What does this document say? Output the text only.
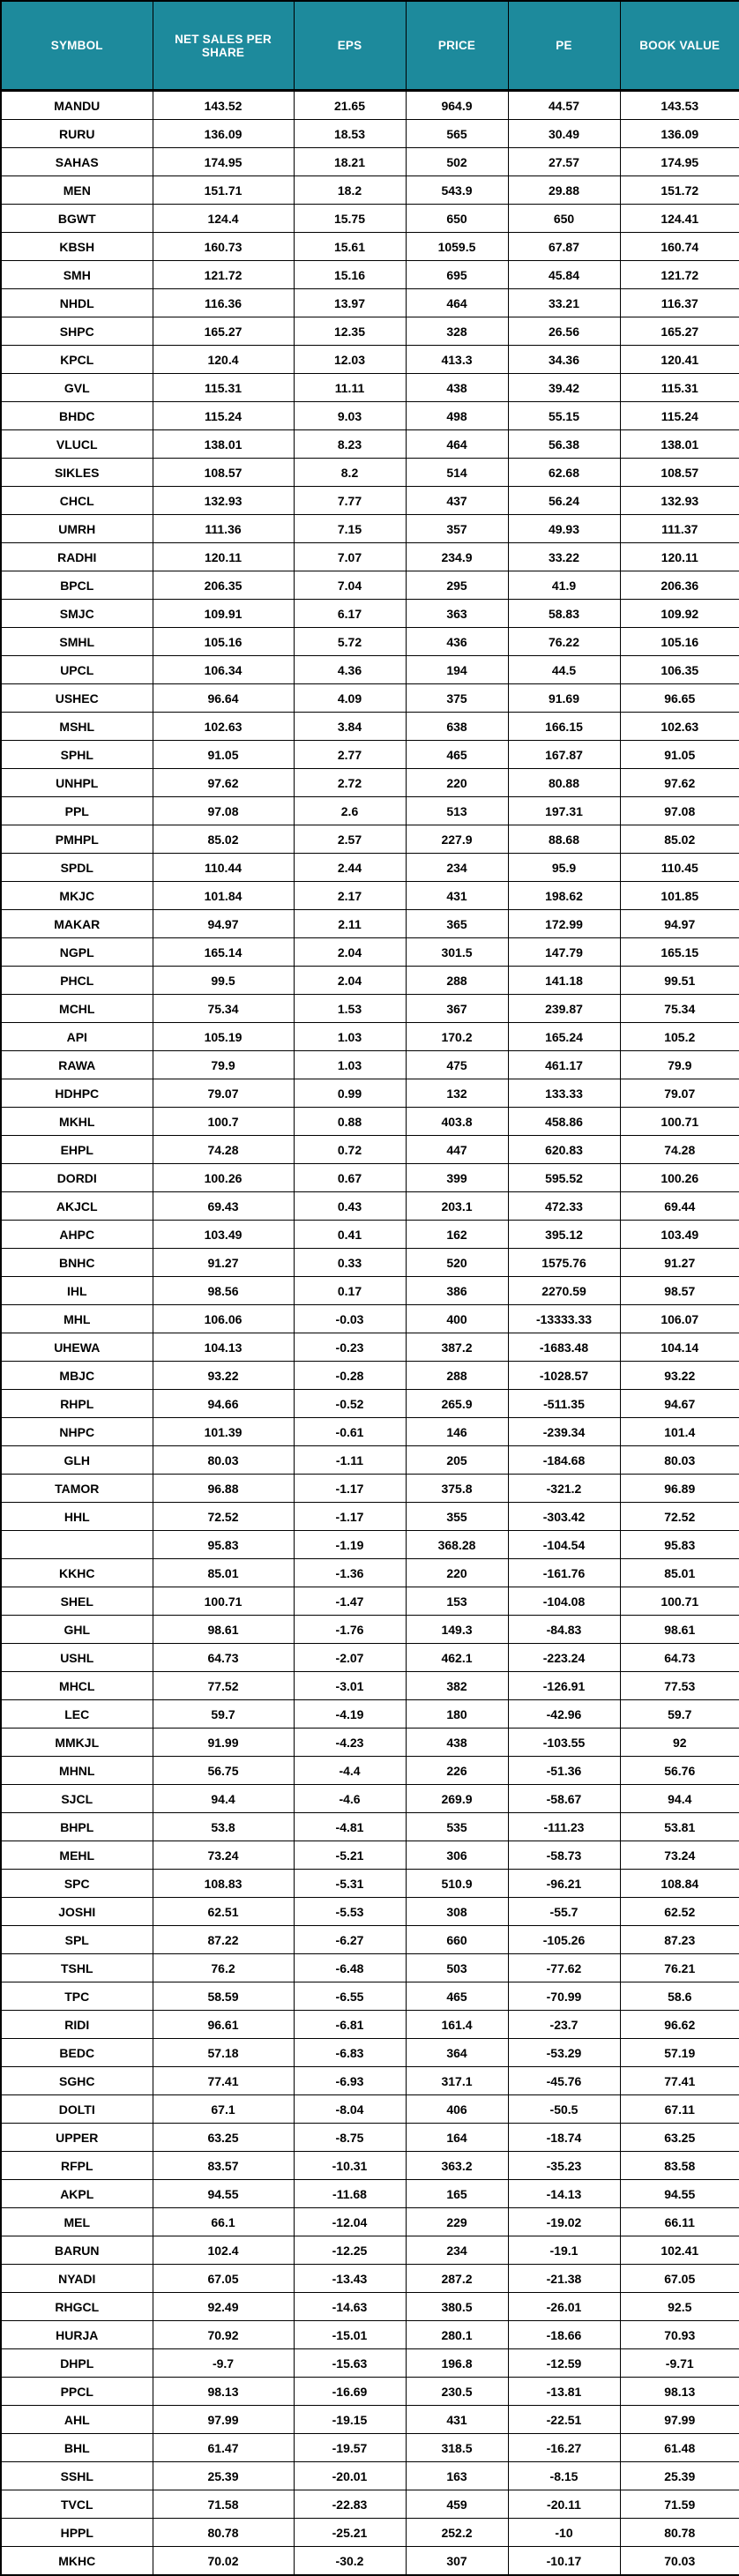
SYMBOL	NET SALES PER SHARE	EPS	PRICE	PE	BOOK VALUE
MANDU	143.52	21.65	964.9	44.57	143.53
RURU	136.09	18.53	565	30.49	136.09
SAHAS	174.95	18.21	502	27.57	174.95
MEN	151.71	18.2	543.9	29.88	151.72
BGWT	124.4	15.75	650	650	124.41
KBSH	160.73	15.61	1059.5	67.87	160.74
SMH	121.72	15.16	695	45.84	121.72
NHDL	116.36	13.97	464	33.21	116.37
SHPC	165.27	12.35	328	26.56	165.27
KPCL	120.4	12.03	413.3	34.36	120.41
GVL	115.31	11.11	438	39.42	115.31
BHDC	115.24	9.03	498	55.15	115.24
VLUCL	138.01	8.23	464	56.38	138.01
SIKLES	108.57	8.2	514	62.68	108.57
CHCL	132.93	7.77	437	56.24	132.93
UMRH	111.36	7.15	357	49.93	111.37
RADHI	120.11	7.07	234.9	33.22	120.11
BPCL	206.35	7.04	295	41.9	206.36
SMJC	109.91	6.17	363	58.83	109.92
SMHL	105.16	5.72	436	76.22	105.16
UPCL	106.34	4.36	194	44.5	106.35
USHEC	96.64	4.09	375	91.69	96.65
MSHL	102.63	3.84	638	166.15	102.63
SPHL	91.05	2.77	465	167.87	91.05
UNHPL	97.62	2.72	220	80.88	97.62
PPL	97.08	2.6	513	197.31	97.08
PMHPL	85.02	2.57	227.9	88.68	85.02
SPDL	110.44	2.44	234	95.9	110.45
MKJC	101.84	2.17	431	198.62	101.85
MAKAR	94.97	2.11	365	172.99	94.97
NGPL	165.14	2.04	301.5	147.79	165.15
PHCL	99.5	2.04	288	141.18	99.51
MCHL	75.34	1.53	367	239.87	75.34
API	105.19	1.03	170.2	165.24	105.2
RAWA	79.9	1.03	475	461.17	79.9
HDHPC	79.07	0.99	132	133.33	79.07
MKHL	100.7	0.88	403.8	458.86	100.71
EHPL	74.28	0.72	447	620.83	74.28
DORDI	100.26	0.67	399	595.52	100.26
AKJCL	69.43	0.43	203.1	472.33	69.44
AHPC	103.49	0.41	162	395.12	103.49
BNHC	91.27	0.33	520	1575.76	91.27
IHL	98.56	0.17	386	2270.59	98.57
MHL	106.06	-0.03	400	-13333.33	106.07
UHEWA	104.13	-0.23	387.2	-1683.48	104.14
MBJC	93.22	-0.28	288	-1028.57	93.22
RHPL	94.66	-0.52	265.9	-511.35	94.67
NHPC	101.39	-0.61	146	-239.34	101.4
GLH	80.03	-1.11	205	-184.68	80.03
TAMOR	96.88	-1.17	375.8	-321.2	96.89
HHL	72.52	-1.17	355	-303.42	72.52
	95.83	-1.19	368.28	-104.54	95.83
KKHC	85.01	-1.36	220	-161.76	85.01
SHEL	100.71	-1.47	153	-104.08	100.71
GHL	98.61	-1.76	149.3	-84.83	98.61
USHL	64.73	-2.07	462.1	-223.24	64.73
MHCL	77.52	-3.01	382	-126.91	77.53
LEC	59.7	-4.19	180	-42.96	59.7
MMKJL	91.99	-4.23	438	-103.55	92
MHNL	56.75	-4.4	226	-51.36	56.76
SJCL	94.4	-4.6	269.9	-58.67	94.4
BHPL	53.8	-4.81	535	-111.23	53.81
MEHL	73.24	-5.21	306	-58.73	73.24
SPC	108.83	-5.31	510.9	-96.21	108.84
JOSHI	62.51	-5.53	308	-55.7	62.52
SPL	87.22	-6.27	660	-105.26	87.23
TSHL	76.2	-6.48	503	-77.62	76.21
TPC	58.59	-6.55	465	-70.99	58.6
RIDI	96.61	-6.81	161.4	-23.7	96.62
BEDC	57.18	-6.83	364	-53.29	57.19
SGHC	77.41	-6.93	317.1	-45.76	77.41
DOLTI	67.1	-8.04	406	-50.5	67.11
UPPER	63.25	-8.75	164	-18.74	63.25
RFPL	83.57	-10.31	363.2	-35.23	83.58
AKPL	94.55	-11.68	165	-14.13	94.55
MEL	66.1	-12.04	229	-19.02	66.11
BARUN	102.4	-12.25	234	-19.1	102.41
NYADI	67.05	-13.43	287.2	-21.38	67.05
RHGCL	92.49	-14.63	380.5	-26.01	92.5
HURJA	70.92	-15.01	280.1	-18.66	70.93
DHPL	-9.7	-15.63	196.8	-12.59	-9.71
PPCL	98.13	-16.69	230.5	-13.81	98.13
AHL	97.99	-19.15	431	-22.51	97.99
BHL	61.47	-19.57	318.5	-16.27	61.48
SSHL	25.39	-20.01	163	-8.15	25.39
TVCL	71.58	-22.83	459	-20.11	71.59
HPPL	80.78	-25.21	252.2	-10	80.78
MKHC	70.02	-30.2	307	-10.17	70.03
